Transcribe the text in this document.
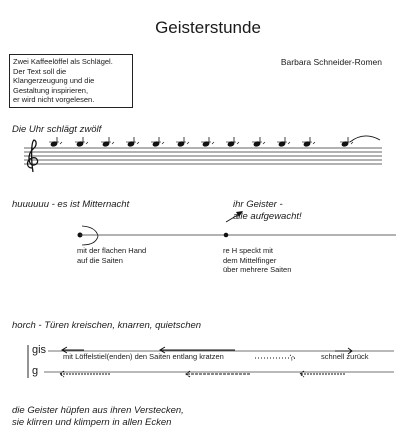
Geisterstunde
Zwei Kaffeelöffel als Schlägel.
Der Text soll die
Klangerzeugung und die
Gestaltung inspirieren,
er wird nicht vorgelesen.
Barbara Schneider-Romen
Die Uhr schlägt zwölf
huuuuuu - es ist Mitternacht
mit der flachen Hand
auf die Saiten
ihr Geister -
alle aufgewacht!
re H speckt mit
dem Mittelfinger
über mehrere Saiten
horch - Türen kreischen, knarren, quietschen
gis
g
mit Löffelstiel(enden) den Saiten entlang kratzen	schnell zurück
die Geister hüpfen aus ihren Verstecken,
sie klirren und klimpern in allen Ecken
